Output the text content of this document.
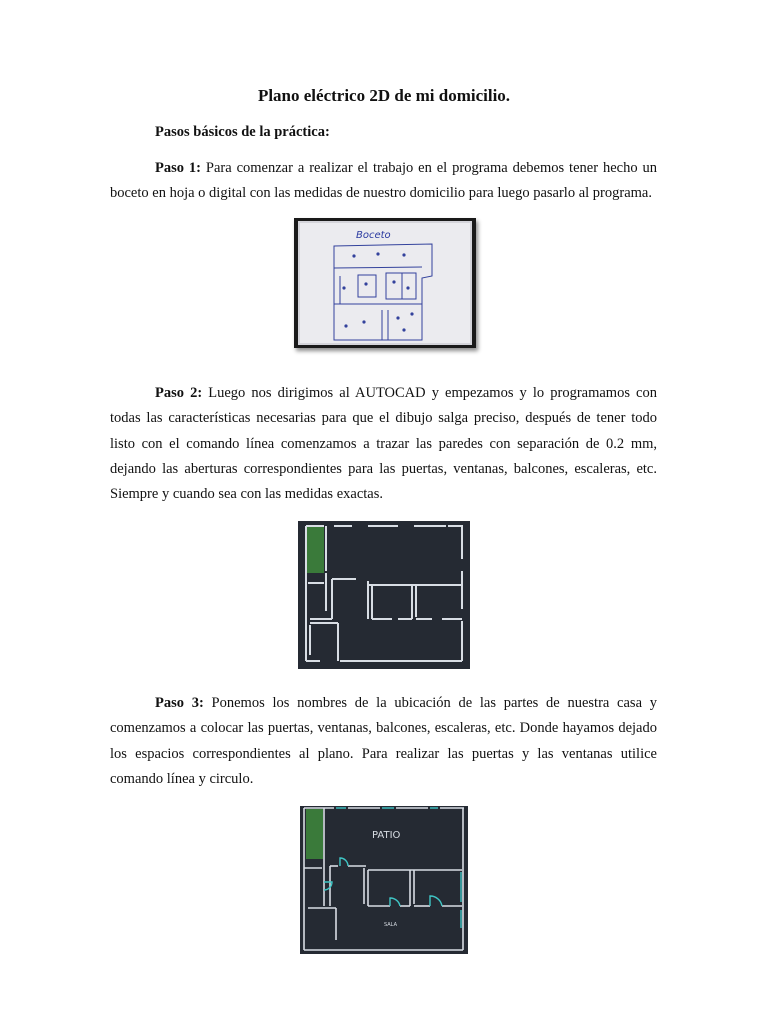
Plano eléctrico 2D de mi domicilio.
Pasos básicos de la práctica:

Paso 1: Para comenzar a realizar el trabajo en el programa debemos tener hecho un boceto en hoja o digital con las medidas de nuestro domicilio para luego pasarlo al programa.

Boceto

Paso 2: Luego nos dirigimos al AUTOCAD y empezamos y lo programamos con todas las características necesarias para que el dibujo salga preciso, después de tener todo listo con el comando línea comenzamos a trazar las paredes con separación de 0.2 mm, dejando las aberturas correspondientes para las puertas, ventanas, balcones, escaleras, etc. Siempre y cuando sea con las medidas exactas.

Paso 3: Ponemos los nombres de la ubicación de las partes de nuestra casa y comenzamos a colocar las puertas, ventanas, balcones, escaleras, etc. Donde hayamos dejado los espacios correspondientes al plano. Para realizar las puertas y las ventanas utilice comando línea y circulo.

PATIO
SALA
